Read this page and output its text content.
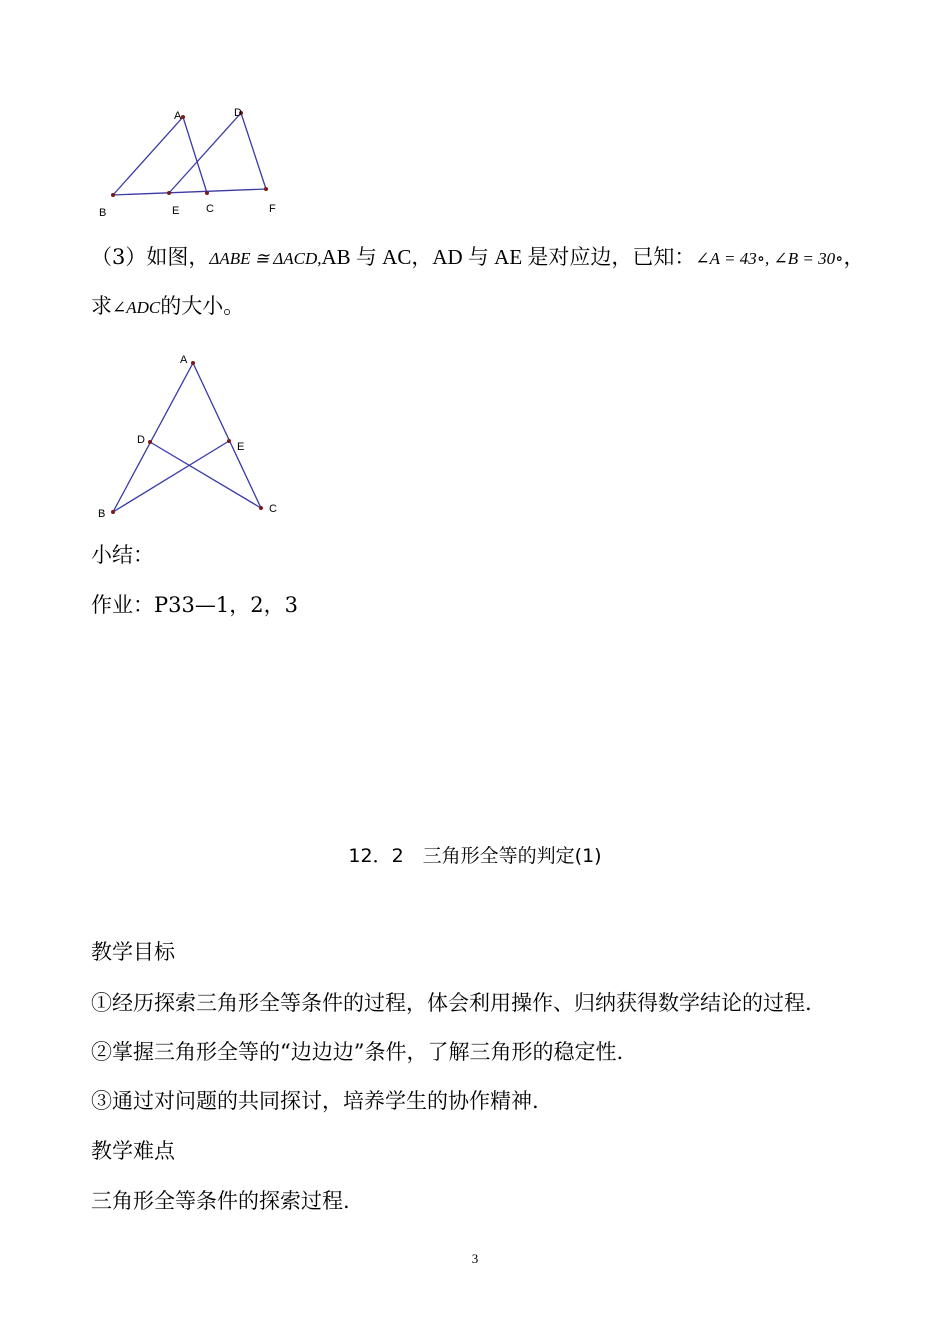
A	D
B	E C	F
（3）如图，ΔABE ≅ ΔACD,AB 与 AC，AD 与 AE 是对应边，已知：∠A = 43∘, ∠B = 30∘，
求∠ADC的大小。
A
D
E
B	C
小结：
作业：P33—1，2，3
12．2　三角形全等的判定(1)
教学目标
①经历探索三角形全等条件的过程，体会利用操作、归纳获得数学结论的过程.
②掌握三角形全等的“边边边”条件，了解三角形的稳定性.
③通过对问题的共同探讨，培养学生的协作精神.
教学难点
三角形全等条件的探索过程.
3
